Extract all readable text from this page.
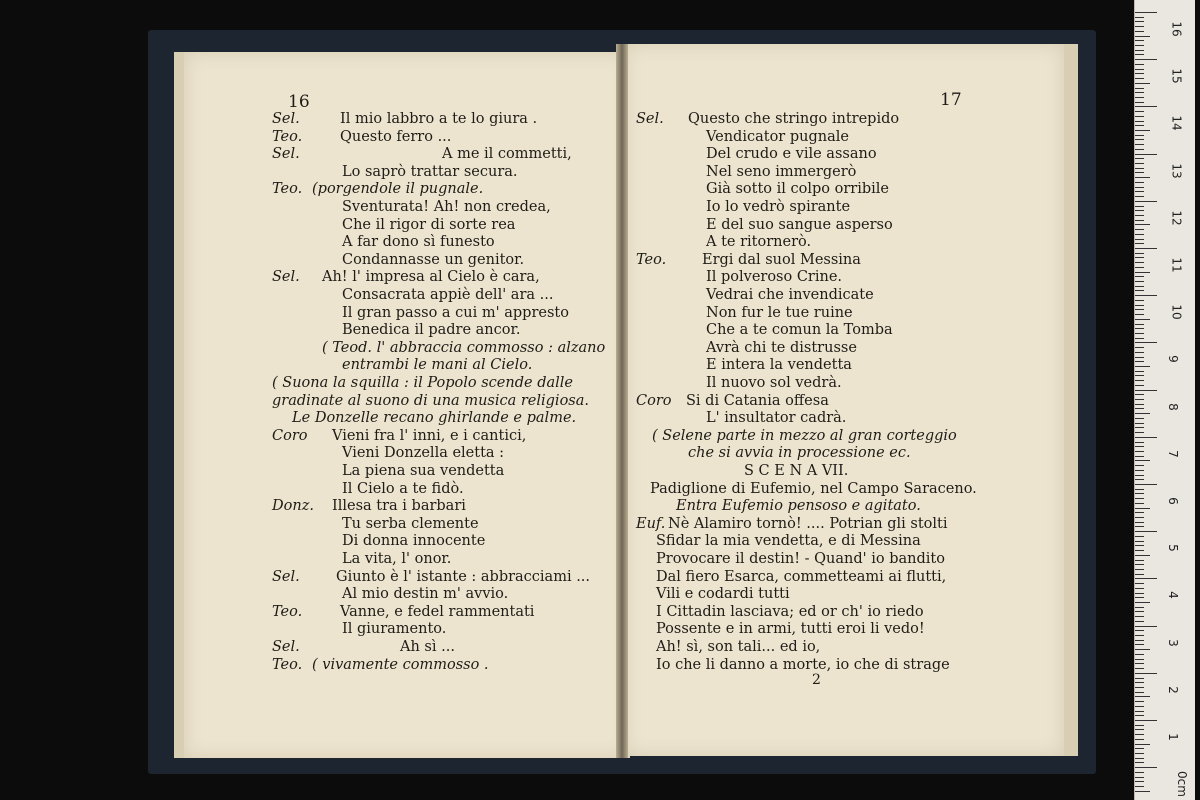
16	17
2
Sel.	Il mio labbro a te lo giura .
Teo.	Questo ferro ...
Sel.	A me il commetti,
Lo saprò trattar secura.
Teo. (porgendole il pugnale.
Sventurata! Ah! non credea,
Che il rigor di sorte rea
A far dono sì funesto
Condannasse un genitor.
Sel. Ah! l' impresa al Cielo è cara,
Consacrata appiè dell' ara ...
Il gran passo a cui m' appresto
Benedica il padre ancor.
( Teod. l' abbraccia commosso : alzano
entrambi le mani al Cielo.
( Suona la squilla : il Popolo scende dalle
gradinate al suono di una musica religiosa.
Le Donzelle recano ghirlande e palme.
Coro Vieni fra l' inni, e i cantici,
Vieni Donzella eletta :
La piena sua vendetta
Il Cielo a te fidò.
Donz. Illesa tra i barbari
Tu serba clemente
Di donna innocente
La vita, l' onor.
Sel. Giunto è l' istante : abbracciami ...
Al mio destin m' avvio.
Teo.	Vanne, e fedel rammentati
Il giuramento.
Sel.	Ah sì ...
Teo. ( vivamente commosso .
Sel. Questo che stringo intrepido
Vendicator pugnale
Del crudo e vile assano
Nel seno immergerò
Già sotto il colpo orribile
Io lo vedrò spirante
E del suo sangue asperso
A te ritornerò.
Teo. Ergi dal suol Messina
Il polveroso Crine.
Vedrai che invendicate
Non fur le tue ruine
Che a te comun la Tomba
Avrà chi te distrusse
E intera la vendetta
Il nuovo sol vedrà.
Coro Si di Catania offesa
L' insultator cadrà.
( Selene parte in mezzo al gran corteggio
che si avvia in processione ec.
S C E N A VII.
Padiglione di Eufemio, nel Campo Saraceno.
Entra Eufemio pensoso e agitato.
Euf. Nè Alamiro tornò! .... Potrian gli stolti
Sfidar la mia vendetta, e di Messina
Provocare il destin! - Quand' io bandito
Dal fiero Esarca, commetteami ai flutti,
Vili e codardi tutti
I Cittadin lasciava; ed or ch' io riedo
Possente e in armi, tutti eroi li vedo!
Ah! sì, son tali... ed io,
Io che li danno a morte, io che di strage
16
15
14
13
12
11
10
9
8
7
6
5
4
3
2
1
0cm
